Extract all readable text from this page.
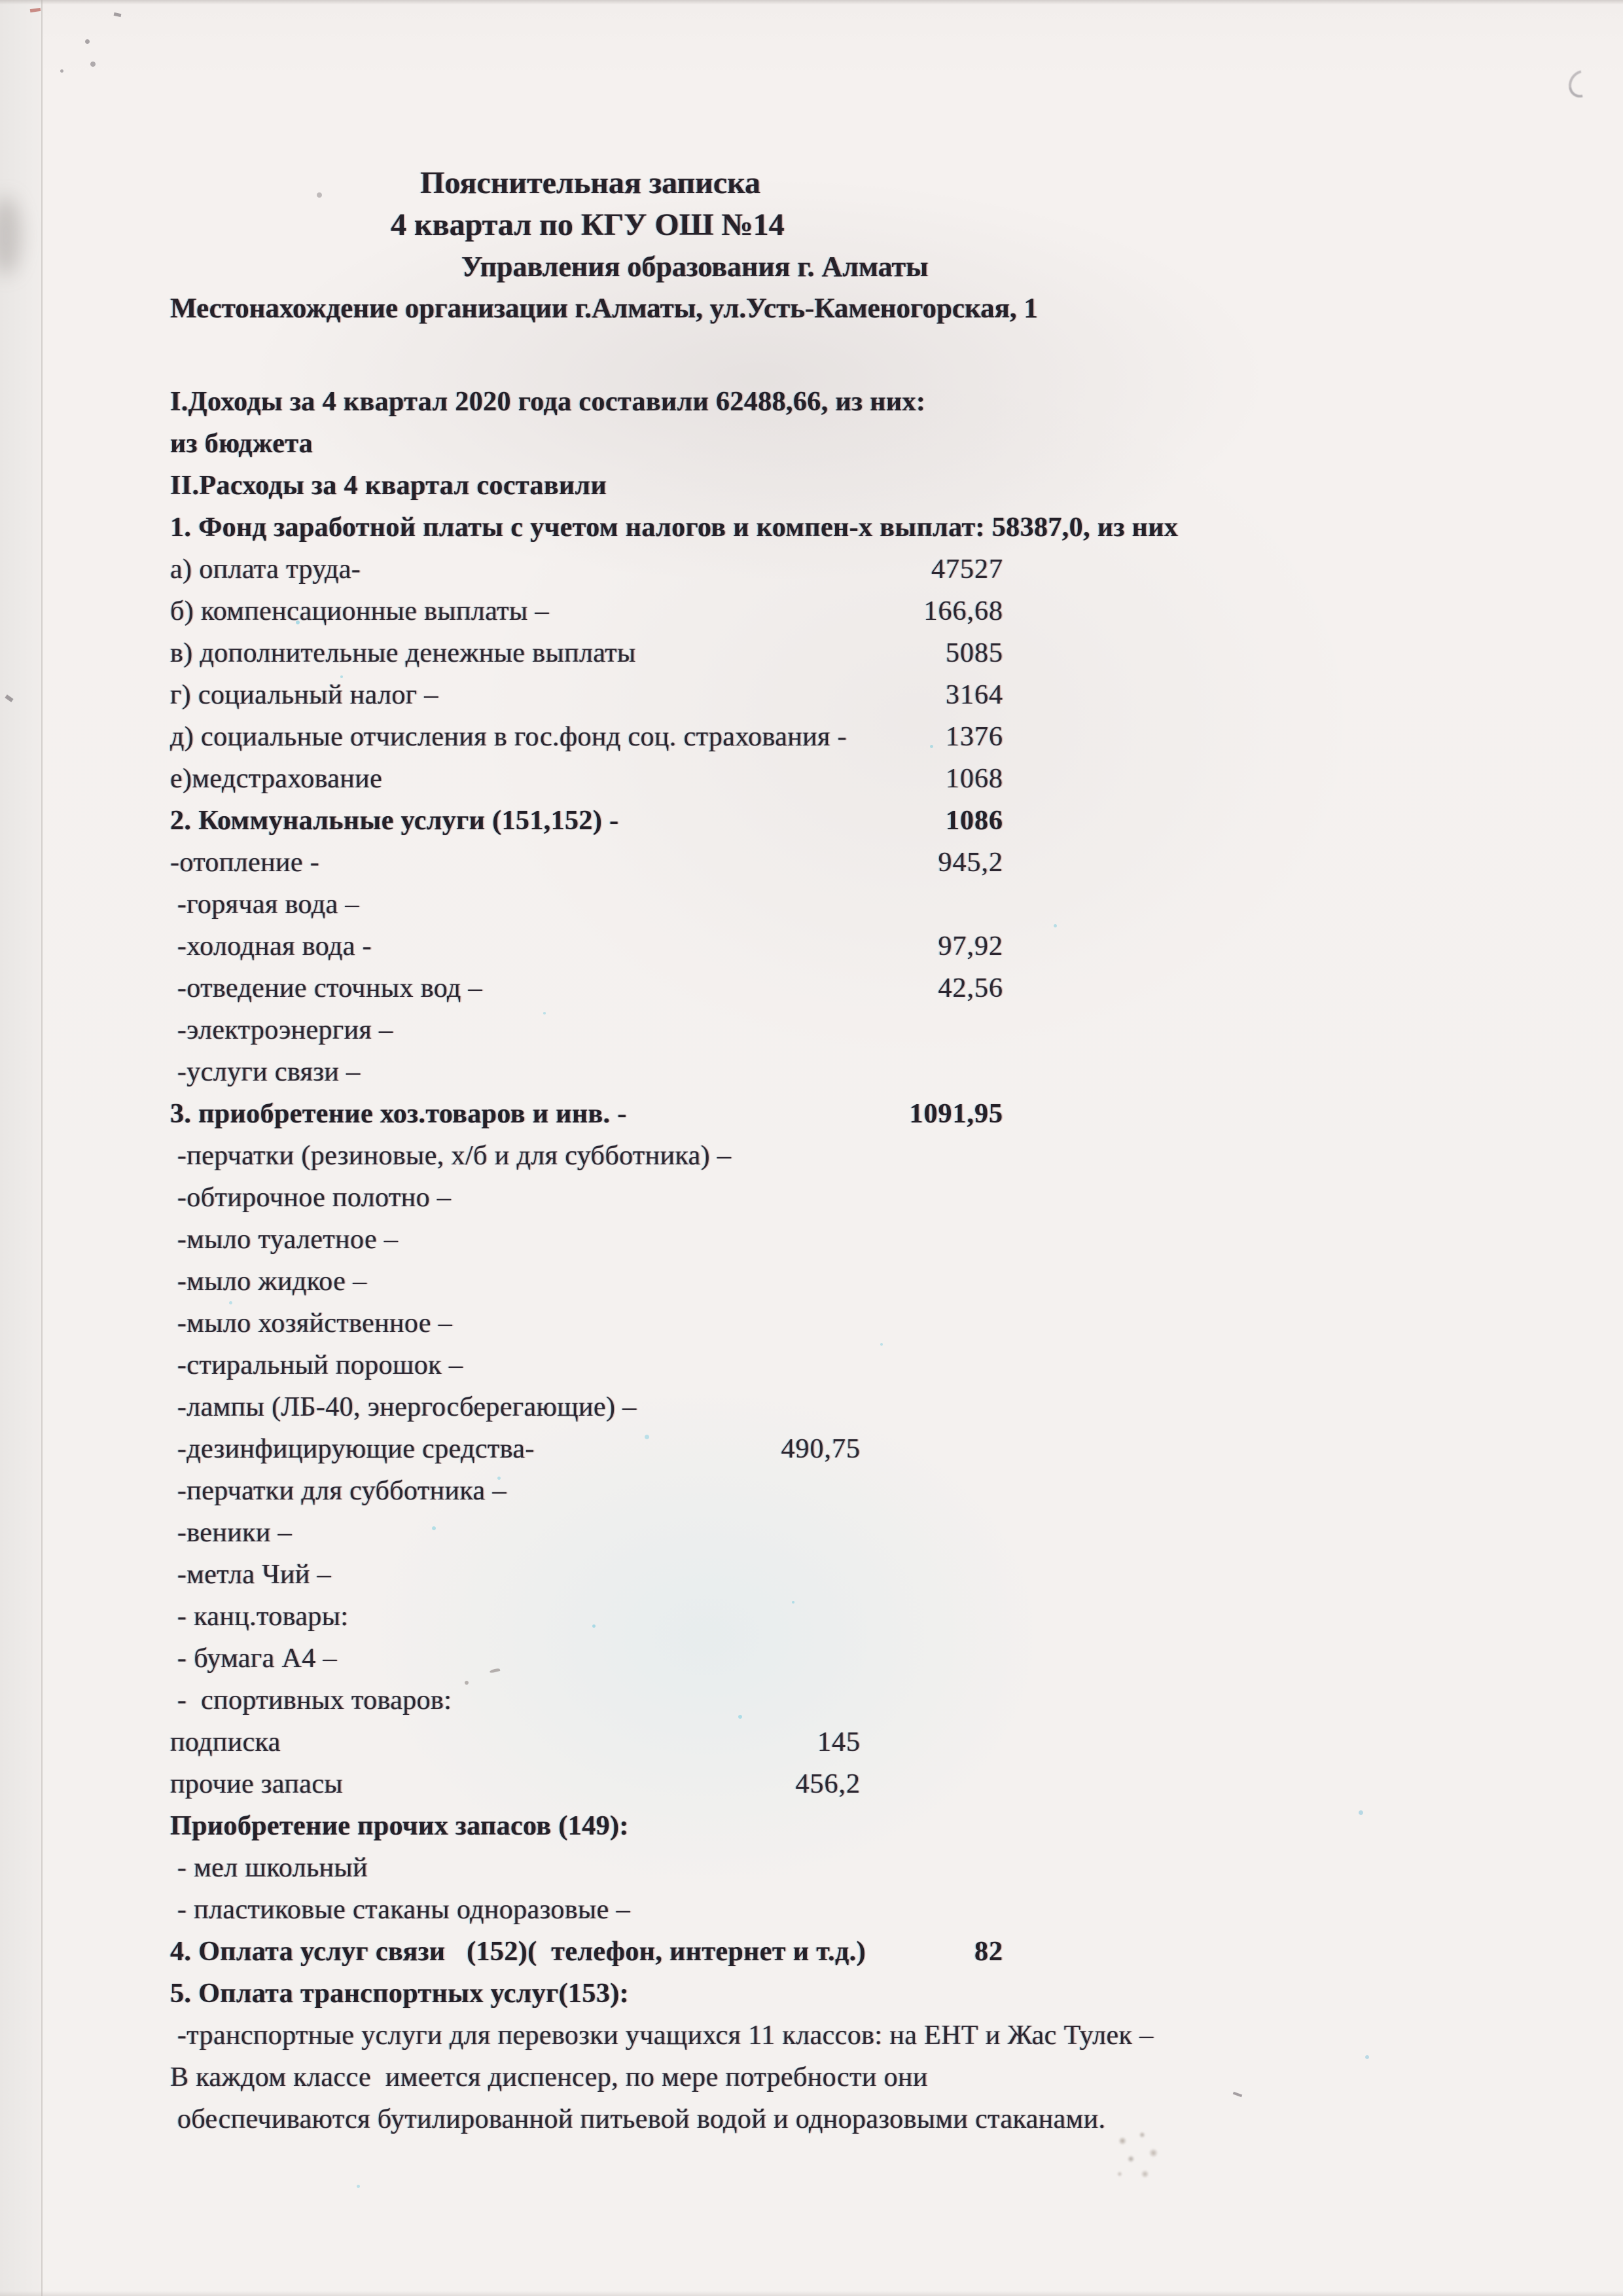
Пояснительная записка
4 квартал по КГУ ОШ №14
Управления образования г. Алматы
Местонахождение организации г.Алматы, ул.Усть-Каменогорская, 1
I.Доходы за 4 квартал 2020 года составили 62488,66, из них:
из бюджета
II.Расходы за 4 квартал составили
1. Фонд заработной платы с учетом налогов и компен-х выплат: 58387,0, из них
а) оплата труда-	47527
б) компенсационные выплаты –	166,68
в) дополнительные денежные выплаты	5085
г) социальный налог –	3164
д) социальные отчисления в гос.фонд соц. страхования -	1376
е)медстрахование	1068
2. Коммунальные услуги (151,152) -	1086
-отопление -	945,2
-горячая вода –
-холодная вода -	97,92
-отведение сточных вод –	42,56
-электроэнергия –
-услуги связи –
3. приобретение хоз.товаров и инв. -	1091,95
-перчатки (резиновые, х/б и для субботника) –
-обтирочное полотно –
-мыло туалетное –
-мыло жидкое –
-мыло хозяйственное –
-стиральный порошок –
-лампы (ЛБ-40, энергосберегающие) –
-дезинфицирующие средства-	490,75
-перчатки для субботника –
-веники –
-метла Чий –
- канц.товары:
- бумага А4 –
-  спортивных товаров:
подписка	145
прочие запасы	456,2
Приобретение прочих запасов (149):
- мел школьный
- пластиковые стаканы одноразовые –
4. Оплата услуг связи   (152)(  телефон, интернет и т.д.)	82
5. Оплата транспортных услуг(153):
-транспортные услуги для перевозки учащихся 11 классов: на ЕНТ и Жас Тулек –
В каждом классе  имеется диспенсер, по мере потребности они
обеспечиваются бутилированной питьевой водой и одноразовыми стаканами.
